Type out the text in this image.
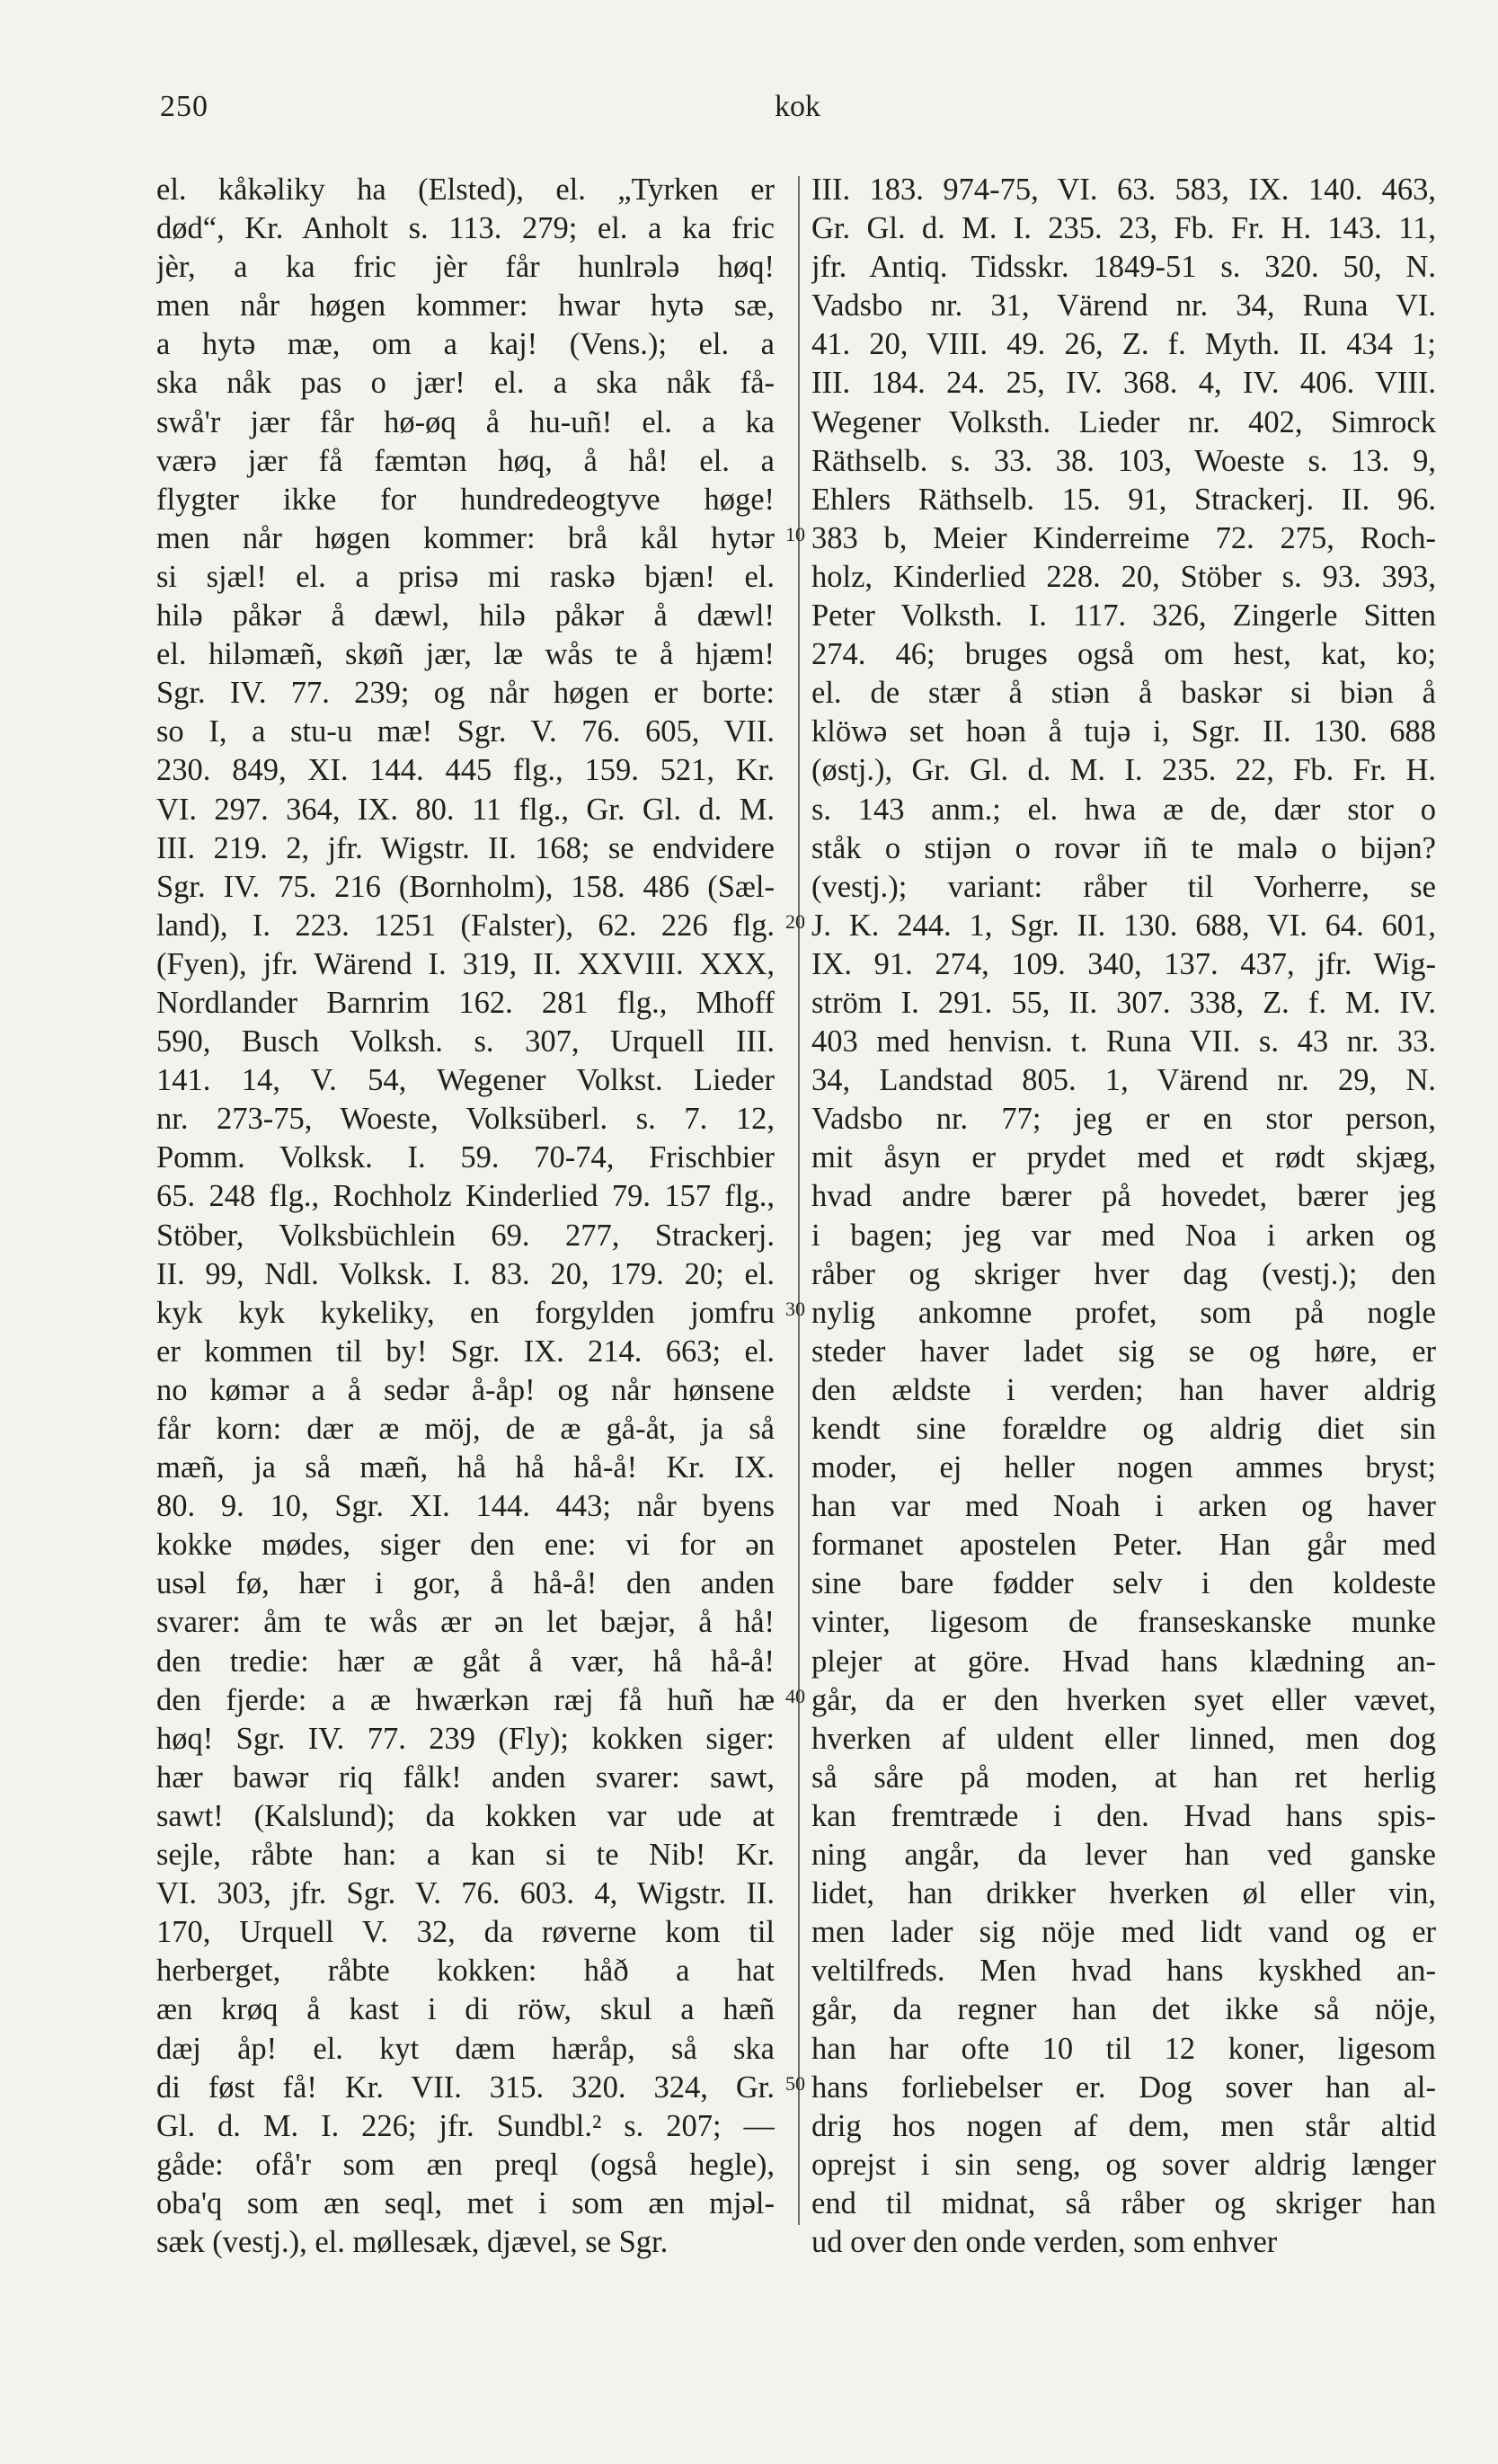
250	kok
el. kåkəliky ha (Elsted), el. „Tyrken er
død“, Kr. Anholt s. 113. 279; el. a ka fric
jèr, a ka fric jèr får hunlrələ høq!
men når høgen kommer: hwar hytə sæ,
a hytə mæ, om a kaj! (Vens.); el. a
ska nåk pas o jær! el. a ska nåk få-
swå'r jær får hø-øq å hu-uñ! el. a ka
værə jær få fæmtən høq, å hå! el. a
flygter ikke for hundredeogtyve høge!
men når høgen kommer: brå kål hytər
si sjæl! el. a prisə mi raskə bjæn! el.
hilə påkər å dæwl, hilə påkər å dæwl!
el. hiləmæñ, skøñ jær, læ wås te å hjæm!
Sgr. IV. 77. 239; og når høgen er borte:
so I, a stu-u mæ! Sgr. V. 76. 605, VII.
230. 849, XI. 144. 445 flg., 159. 521, Kr.
VI. 297. 364, IX. 80. 11 flg., Gr. Gl. d. M.
III. 219. 2, jfr. Wigstr. II. 168; se endvidere
Sgr. IV. 75. 216 (Bornholm), 158. 486 (Sæl-
land), I. 223. 1251 (Falster), 62. 226 flg.
(Fyen), jfr. Wärend I. 319, II. XXVIII. XXX,
Nordlander Barnrim 162. 281 flg., Mhoff
590, Busch Volksh. s. 307, Urquell III.
141. 14, V. 54, Wegener Volkst. Lieder
nr. 273-75, Woeste, Volksüberl. s. 7. 12,
Pomm. Volksk. I. 59. 70-74, Frischbier
65. 248 flg., Rochholz Kinderlied 79. 157 flg.,
Stöber, Volksbüchlein 69. 277, Strackerj.
II. 99, Ndl. Volksk. I. 83. 20, 179. 20; el.
kyk kyk kykeliky, en forgylden jomfru
er kommen til by! Sgr. IX. 214. 663; el.
no kømər a å sedər å-åp! og når hønsene
får korn: dær æ möj, de æ gå-åt, ja så
mæñ, ja så mæñ, hå hå hå-å! Kr. IX.
80. 9. 10, Sgr. XI. 144. 443; når byens
kokke mødes, siger den ene: vi for ən
usəl fø, hær i gor, å hå-å! den anden
svarer: åm te wås ær ən let bæjər, å hå!
den tredie: hær æ gåt å vær, hå hå-å!
den fjerde: a æ hwærkən ræj få huñ hæ
høq! Sgr. IV. 77. 239 (Fly); kokken siger:
hær bawər riq fålk! anden svarer: sawt,
sawt! (Kalslund); da kokken var ude at
sejle, råbte han: a kan si te Nib! Kr.
VI. 303, jfr. Sgr. V. 76. 603. 4, Wigstr. II.
170, Urquell V. 32, da røverne kom til
herberget, råbte kokken: håð a hat
æn krøq å kast i di röw, skul a hæñ
dæj åp! el. kyt dæm hæråp, så ska
di føst få! Kr. VII. 315. 320. 324, Gr.
Gl. d. M. I. 226; jfr. Sundbl.² s. 207; —
gåde: ofå'r som æn preql (også hegle),
oba'q som æn seql, met i som æn mjəl-
sæk (vestj.), el. møllesæk, djævel, se Sgr.
III. 183. 974-75, VI. 63. 583, IX. 140. 463,
Gr. Gl. d. M. I. 235. 23, Fb. Fr. H. 143. 11,
jfr. Antiq. Tidsskr. 1849-51 s. 320. 50, N.
Vadsbo nr. 31, Värend nr. 34, Runa VI.
41. 20, VIII. 49. 26, Z. f. Myth. II. 434 1;
III. 184. 24. 25, IV. 368. 4, IV. 406. VIII.
Wegener Volksth. Lieder nr. 402, Simrock
Räthselb. s. 33. 38. 103, Woeste s. 13. 9,
Ehlers Räthselb. 15. 91, Strackerj. II. 96.
383 b, Meier Kinderreime 72. 275, Roch-
holz, Kinderlied 228. 20, Stöber s. 93. 393,
Peter Volksth. I. 117. 326, Zingerle Sitten
274. 46; bruges også om hest, kat, ko;
el. de stær å stiən å baskər si biən å
klöwə set hoən å tujə i, Sgr. II. 130. 688
(østj.), Gr. Gl. d. M. I. 235. 22, Fb. Fr. H.
s. 143 anm.; el. hwa æ de, dær stor o
ståk o stijən o rovər iñ te malə o bijən?
(vestj.); variant: råber til Vorherre, se
J. K. 244. 1, Sgr. II. 130. 688, VI. 64. 601,
IX. 91. 274, 109. 340, 137. 437, jfr. Wig-
ström I. 291. 55, II. 307. 338, Z. f. M. IV.
403 med henvisn. t. Runa VII. s. 43 nr. 33.
34, Landstad 805. 1, Värend nr. 29, N.
Vadsbo nr. 77; jeg er en stor person,
mit åsyn er prydet med et rødt skjæg,
hvad andre bærer på hovedet, bærer jeg
i bagen; jeg var med Noa i arken og
råber og skriger hver dag (vestj.); den
nylig ankomne profet, som på nogle
steder haver ladet sig se og høre, er
den ældste i verden; han haver aldrig
kendt sine forældre og aldrig diet sin
moder, ej heller nogen ammes bryst;
han var med Noah i arken og haver
formanet apostelen Peter. Han går med
sine bare fødder selv i den koldeste
vinter, ligesom de franseskanske munke
plejer at göre. Hvad hans klædning an-
går, da er den hverken syet eller vævet,
hverken af uldent eller linned, men dog
så såre på moden, at han ret herlig
kan fremtræde i den. Hvad hans spis-
ning angår, da lever han ved ganske
lidet, han drikker hverken øl eller vin,
men lader sig nöje med lidt vand og er
veltilfreds. Men hvad hans kyskhed an-
går, da regner han det ikke så nöje,
han har ofte 10 til 12 koner, ligesom
hans forliebelser er. Dog sover han al-
drig hos nogen af dem, men står altid
oprejst i sin seng, og sover aldrig længer
end til midnat, så råber og skriger han
ud over den onde verden, som enhver
10
20
30
40
50
